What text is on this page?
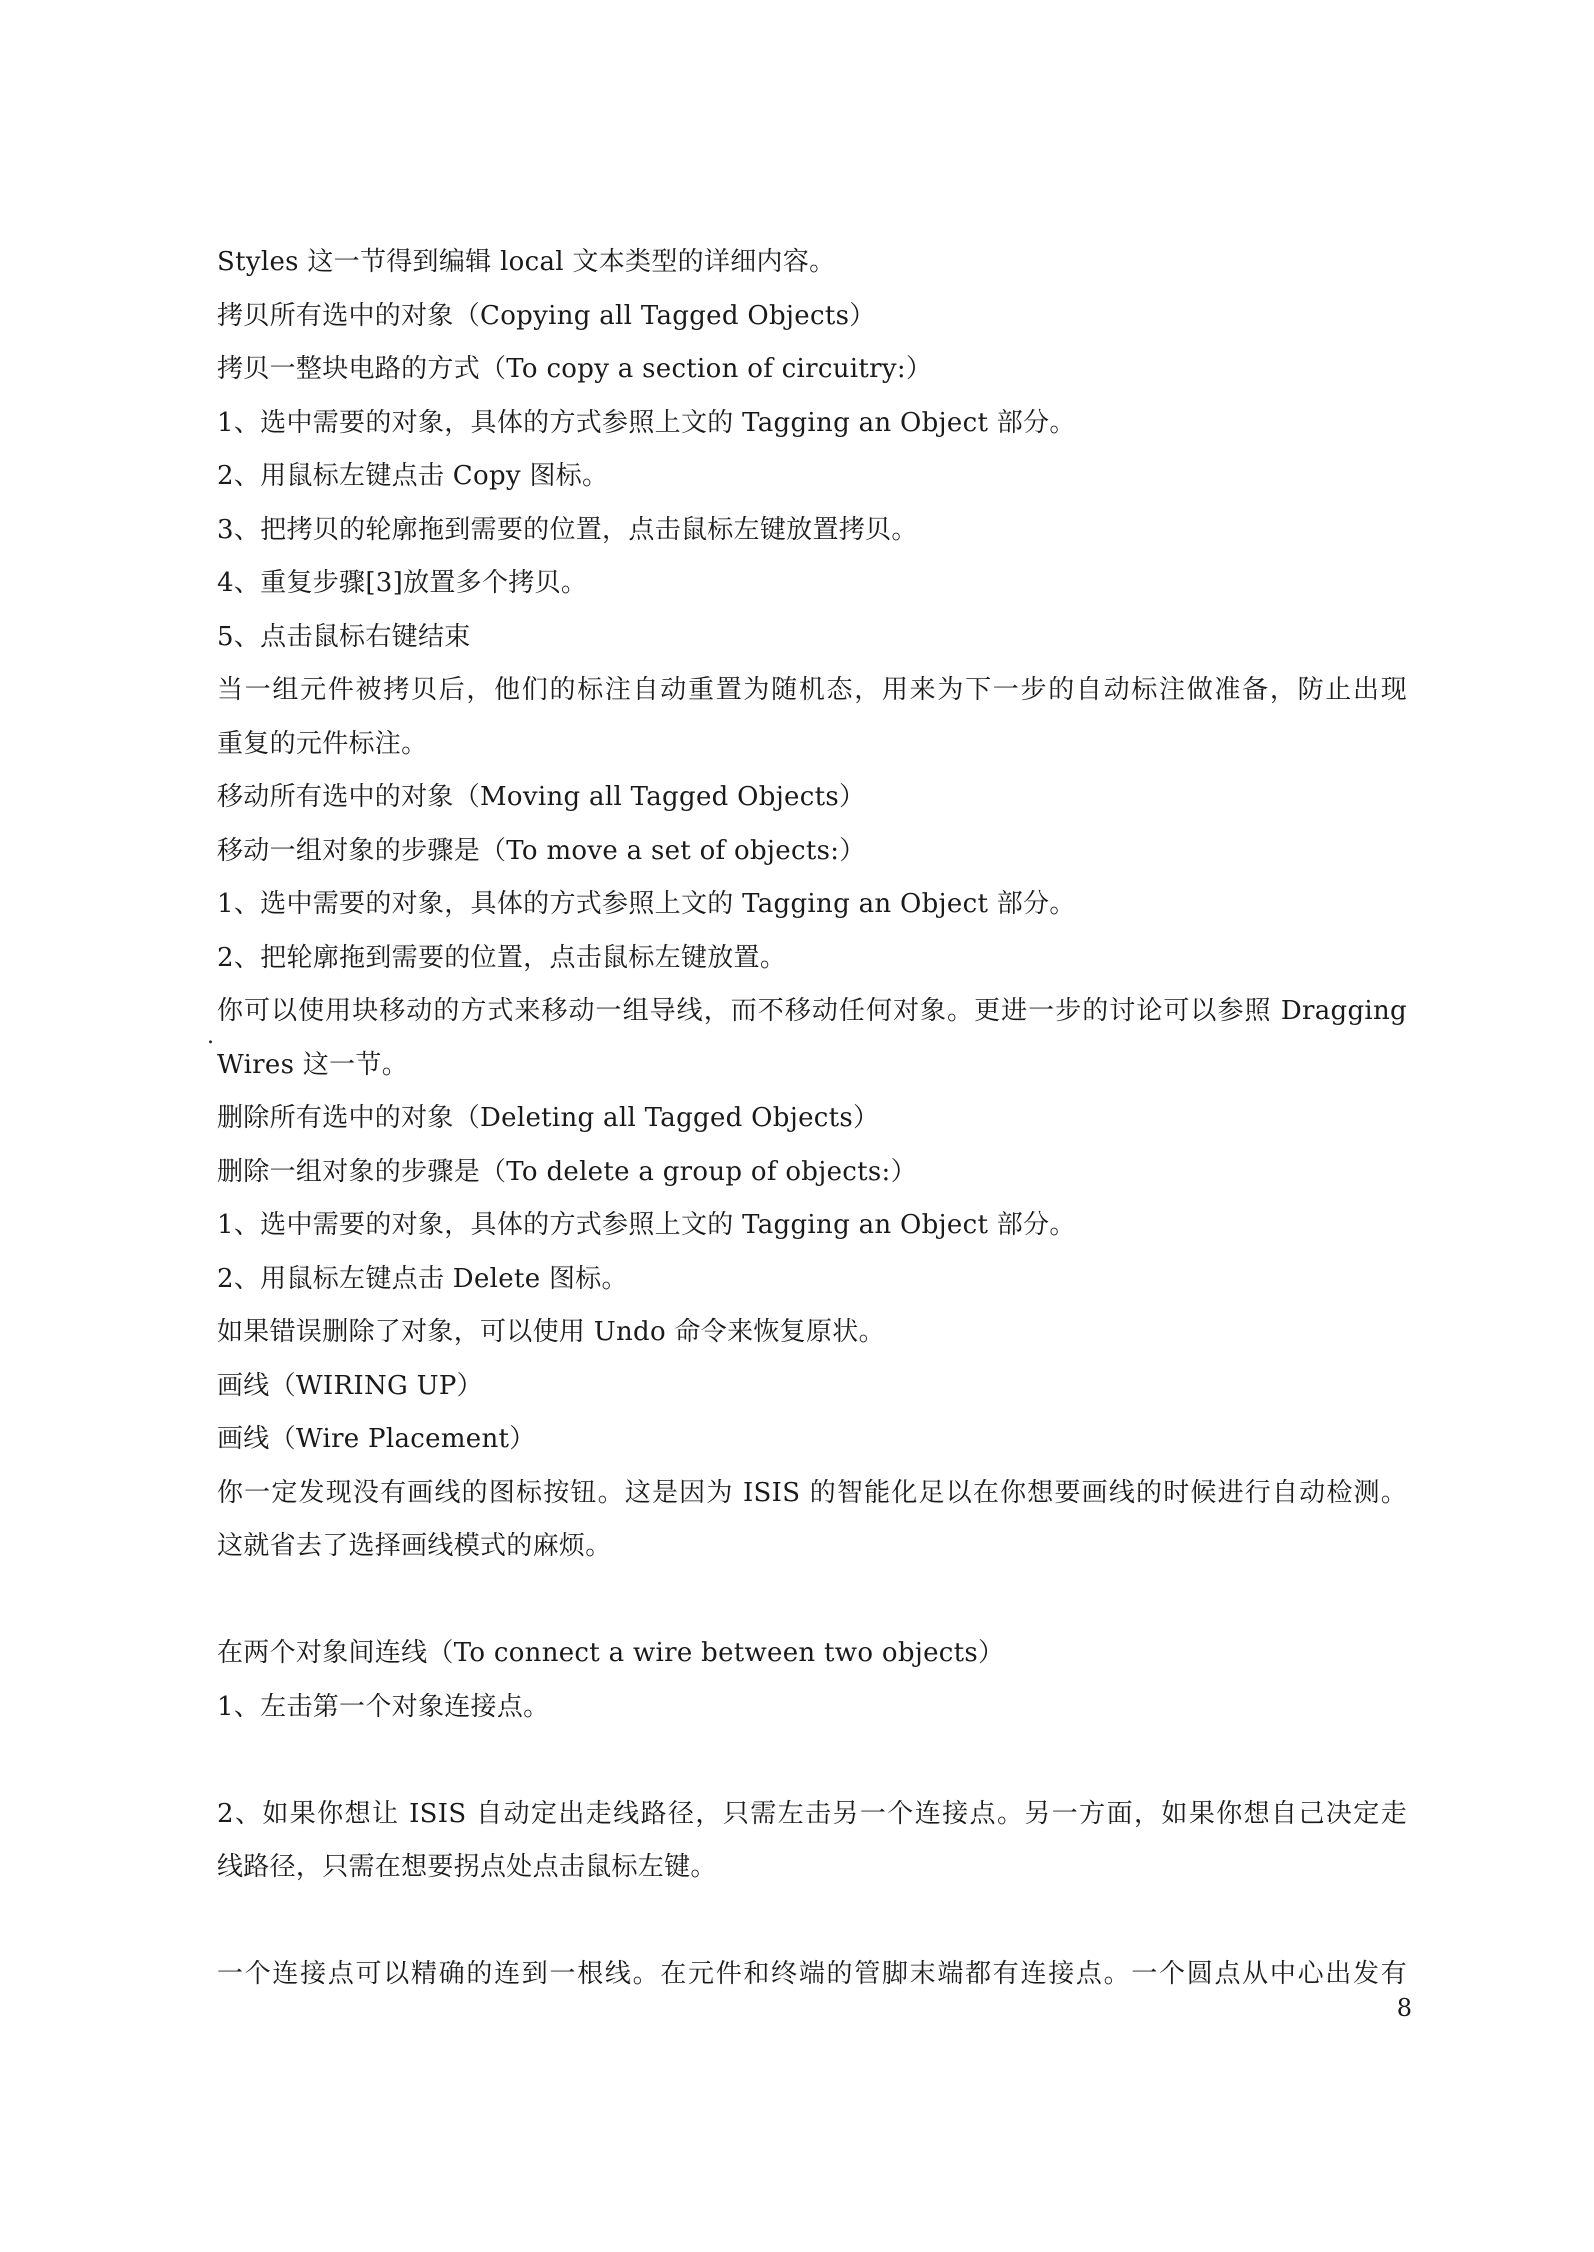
Styles 这一节得到编辑 local 文本类型的详细内容。
拷贝所有选中的对象（Copying all Tagged Objects）
拷贝一整块电路的方式（To copy a section of circuitry:）
1、选中需要的对象，具体的方式参照上文的 Tagging an Object 部分。
2、用鼠标左键点击 Copy 图标。
3、把拷贝的轮廓拖到需要的位置，点击鼠标左键放置拷贝。
4、重复步骤[3]放置多个拷贝。
5、点击鼠标右键结束
当一组元件被拷贝后，他们的标注自动重置为随机态，用来为下一步的自动标注做准备，防止出现
重复的元件标注。
移动所有选中的对象（Moving all Tagged Objects）
移动一组对象的步骤是（To move a set of objects:）
1、选中需要的对象，具体的方式参照上文的 Tagging an Object 部分。
2、把轮廓拖到需要的位置，点击鼠标左键放置。
你可以使用块移动的方式来移动一组导线，而不移动任何对象。更进一步的讨论可以参照 Dragging
Wires 这一节。
删除所有选中的对象（Deleting all Tagged Objects）
删除一组对象的步骤是（To delete a group of objects:）
1、选中需要的对象，具体的方式参照上文的 Tagging an Object 部分。
2、用鼠标左键点击 Delete 图标。
如果错误删除了对象，可以使用 Undo 命令来恢复原状。
画线（WIRING UP）
画线（Wire Placement）
你一定发现没有画线的图标按钮。这是因为 ISIS 的智能化足以在你想要画线的时候进行自动检测。
这就省去了选择画线模式的麻烦。
在两个对象间连线（To connect a wire between two objects）
1、左击第一个对象连接点。
2、如果你想让 ISIS 自动定出走线路径，只需左击另一个连接点。另一方面，如果你想自己决定走
线路径，只需在想要拐点处点击鼠标左键。
一个连接点可以精确的连到一根线。在元件和终端的管脚末端都有连接点。一个圆点从中心出发有
.
8
